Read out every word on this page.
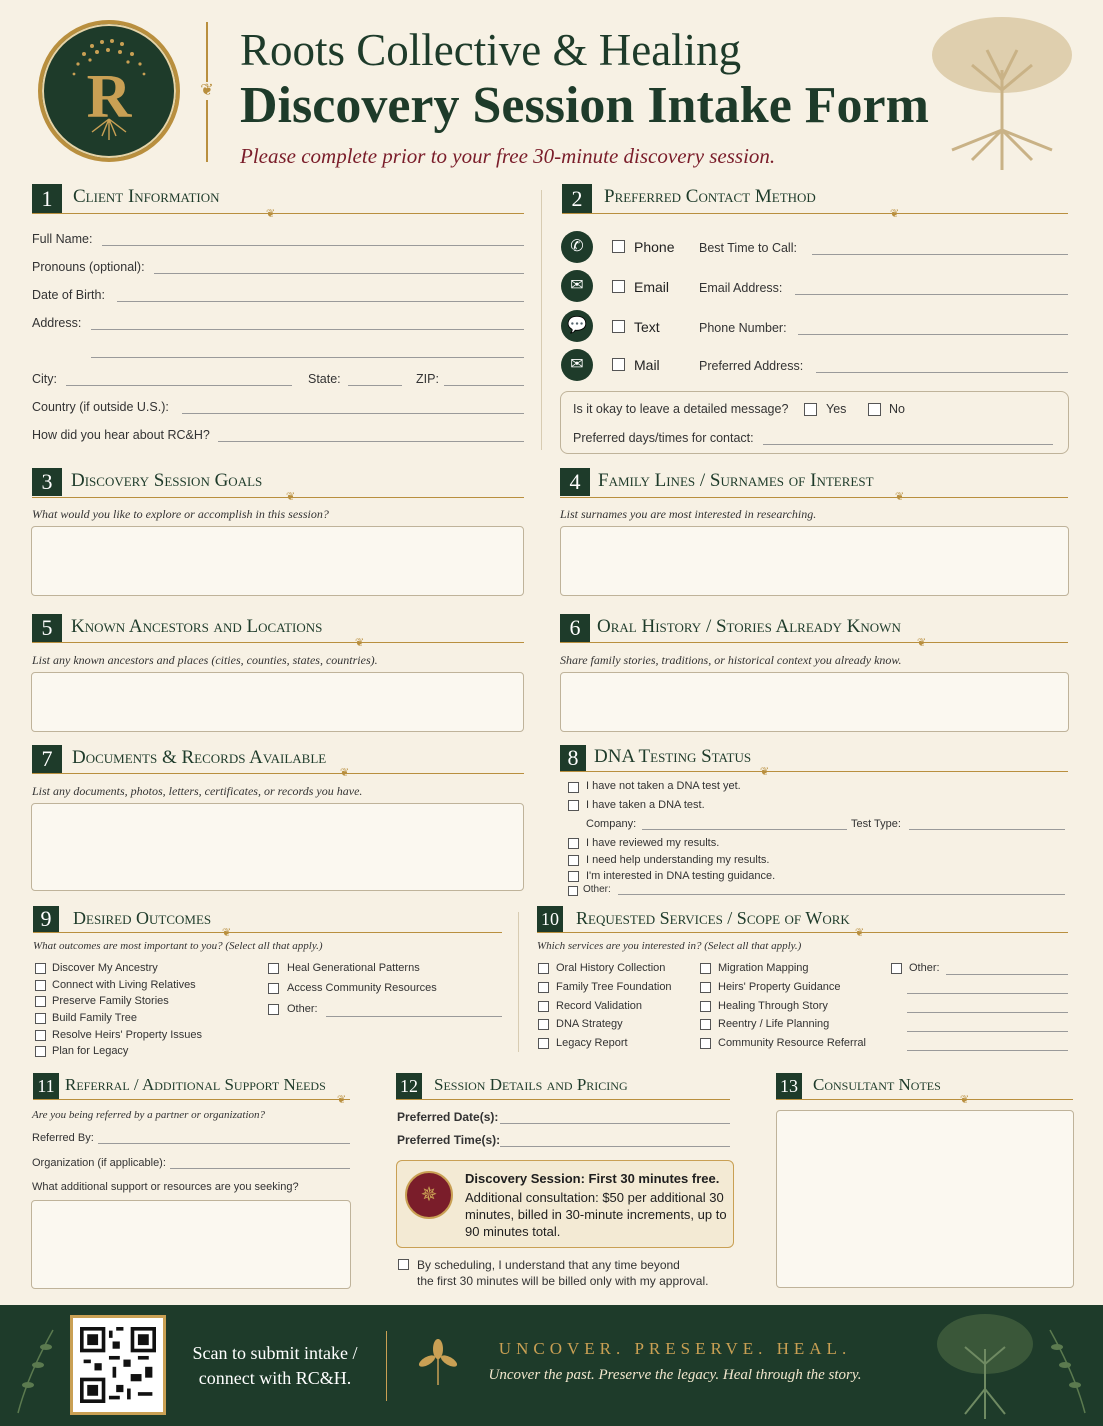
R	❦
Roots Collective & Healing
Discovery Session Intake Form
Please complete prior to your free 30-minute discovery session.
1	Client Information
❦
Full Name:
Pronouns (optional):
Date of Birth:
Address:
City:	State:	ZIP:
Country (if outside U.S.):
How did you hear about RC&H?
2	Preferred Contact Method
❦
✆	Phone Best Time to Call:
✉	Email Email Address:
💬	Text	Phone Number:
✉	Mail	Preferred Address:
Is it okay to leave a detailed message?	Yes	No
Preferred days/times for contact:
3 Discovery Session Goals
❦
What would you like to explore or accomplish in this session?
4 Family Lines / Surnames of Interest
❦
List surnames you are most interested in researching.
5 Known Ancestors and Locations
❦
List any known ancestors and places (cities, counties, states, countries).
6 Oral History / Stories Already Known
❦
Share family stories, traditions, or historical context you already know.
7	Documents & Records Available
❦
List any documents, photos, letters, certificates, or records you have.
8 DNA Testing Status
❦
I have not taken a DNA test yet.
I have taken a DNA test.
Company:	Test Type:
I have reviewed my results.
I need help understanding my results.
I'm interested in DNA testing guidance.
Other:
9	Desired Outcomes
❦
What outcomes are most important to you? (Select all that apply.)
Discover My Ancestry
Connect with Living Relatives
Preserve Family Stories
Build Family Tree
Resolve Heirs' Property Issues
Plan for Legacy
Heal Generational Patterns
Access Community Resources
Other:
10 Requested Services / Scope of Work
❦
Which services are you interested in? (Select all that apply.)
Oral History Collection
Family Tree Foundation
Record Validation
DNA Strategy
Legacy Report
Migration Mapping
Heirs' Property Guidance
Healing Through Story
Reentry / Life Planning
Community Resource Referral
Other:
11 Referral / Additional Support Needs
❦
Are you being referred by a partner or organization?
Referred By:
Organization (if applicable):
What additional support or resources are you seeking?
12 Session Details and Pricing
Preferred Date(s):
Preferred Time(s):
✵
Discovery Session: First 30 minutes free.
Additional consultation: $50 per additional 30 minutes, billed in 30-minute increments, up to 90 minutes total.
By scheduling, I understand that any time beyond
the first 30 minutes will be billed only with my approval.
13 Consultant Notes
❦
Scan to submit intake /
connect with RC&H.
UNCOVER. PRESERVE. HEAL.
Uncover the past. Preserve the legacy. Heal through the story.
